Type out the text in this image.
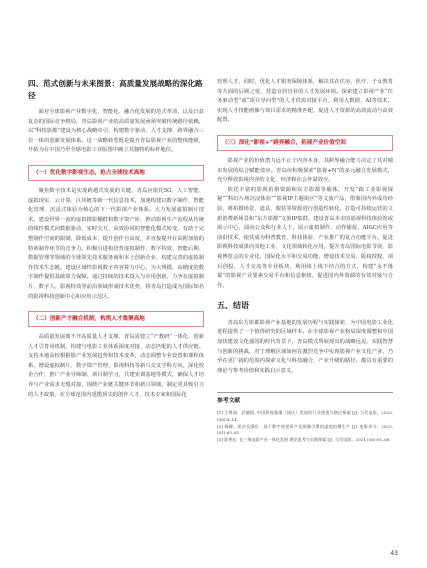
四、范式创新与未来图景：高质量发展战略的深化路径

面对全球影视产业数字化、智能化、融合化发展的范式革命，以及日益复杂的国际竞争格局，青岛影视产业的高质量发展亟须突破传统路径依赖，以“科技影都”建设为核心战略牵引，构建数字驱动、人才支撑、跨界融合三位一体的创新发展体系。这一战略转型既是提升青岛影视产业的整体能级，开拓为在中国乃至全球电影工业版图中确立其独特的标杆地位。

（一）优化数字影视生态，抢占全球技术高地

聚焦数字技术是实现跨越式发展的关键。青岛应依托5G、人工智能、虚拟现实、云计算、区块链等新一代信息技术，加速构建以数字制作、智能化管理、沉浸式体验为核心的下一代影视产业体系。大力发展虚拟制片技术，建设世界一流的虚拟摄影棚群和数字资产库，推动影视生产流程从传统的线性模式向数据驱动、实时交互、高效协同的智能化模式转变，有助于完整制作空间的限制，降低成本，提升创作自由度，并直接提升在高附加值的特效制作环节的竞争力。积极引进和培育虚拟制作、数字特效、智能后期、数据管理等领域的全球领先技术服务商和本土创新企业，构建完善的虚拟制作技术生态链。建设区域性影视数字内容算力中心，为大规模、高精度的数字制作提供基础算力保障。通过持续的技术投入与应用创新，力争在虚拟制片、数字人、影视特效等前沿领域形成技术优势，将青岛打造成为国际知名的影视科技创新中心和应用示范区。

（二）创新产才融合机制，构筑人才集聚高地

高质量发展离不开高质量人才支撑。青岛需建立“产教研”一体化、创新人才引育用机制。构建与电影工业体系深度对接、动态匹配的人才供应链。支持本地高校根据影产业发展趋势和技术变革，动态调整专业设置和课程体系，增设虚拟制片、数字资产管理、影视科技等新兴交叉学科方向，深化校企合作，推广产业导师制、项目制学习，共建实训基地等模式，确保人才培养与产业需求无缝对接，围绕产业链关键环节和新兴领域，制定更具吸引力的人才政策，在全球范围内延揽顶尖的创作人才，技术专家和国际化

管理人才，同时，优化人才服务保障体系，解决其在住房、医疗、子女教育等方面的后顾之忧，营造宜居宜业的人才发展环境。探索建立影视产业“任务驱动型”或“项目导向型”的人才供需对接平台，利用大数据、AI等技术，实现人才技能画像与项目需求的精准匹配，促进人才资源的高效流动与高效配置。

（三）深化“影视+”跨界融合，拓展产业价值空间

影视产业的价值潜力远不止于内容本身，其跨界融合能力决定了其对城市发展的综合赋能效应。青岛应积极探索“影视+N”的多元融合发展模式，充分释放影视内容的文化、经济和社会外溢效应。

依托丰富的影视拍摄资源和东方影都等载体，开发“跟工业影视探秘”“科幻片场沉浸体验”“影视IP主题街区”等文旅产品，借鉴国内外成功经验，将拍摄场景、道具、服装等资源进行创造性转化，打造可持续运营的文旅消费新场景和“东方影都”文旅IP集群。建设青岛本市的影视科技体验馆或展示中心，面向公众和行业人士，展示虚拟制作、动作捕捉、AIGC应用等前沿技术，使其成为科普教育、科技体验、产业推广的复合功能平台。促进影视科技成果向其他工业、文化领域转化应用。提升青岛国际电影节展、影视博览会的专业化、国际化水平和交易功能，增设技术交易、版权授权、项目创投、人才交流等专业板块，利用线上线下结合的方式，构建“永不落幕”的影视产业要素交易平台和信息枢纽，促进国内外资源的有效对接与合作。

五、结语

青岛东方影都影视产业基地的发展历程与实践探索，为中国电影工业化进程提供了一个值得研究的区域样本。在全球影视产业格局深度调整和中国加快建设文化强国的时代背景下，青岛模式所展现出的战略远见、实践智慧与创新的挑战，对于理解区域如何在激烈竞争中实现影视产业文化产业、乃至在更广阔的范围内探索文化与科技融合、产业升级的路径，都具有重要的理论与参考价值和实践启示意义。

参考文献

[1] 王尊丽，武德凯. 中国影视基地（园区）发展的行业透视与路径探索 [J]. 当代电影，2023,(06):4–14.

[2] 杨柳，姜亲及强化：基于数字视觉资产及图像引擎的虚拟拍摄生产 [J]. 电影评介，2023,(01):65–81.

[3] 陈智宏. 长三角电影产业一体化发展 理论思考与实践探索 [J]. 当代电影，2021,(06):61–68.

43
